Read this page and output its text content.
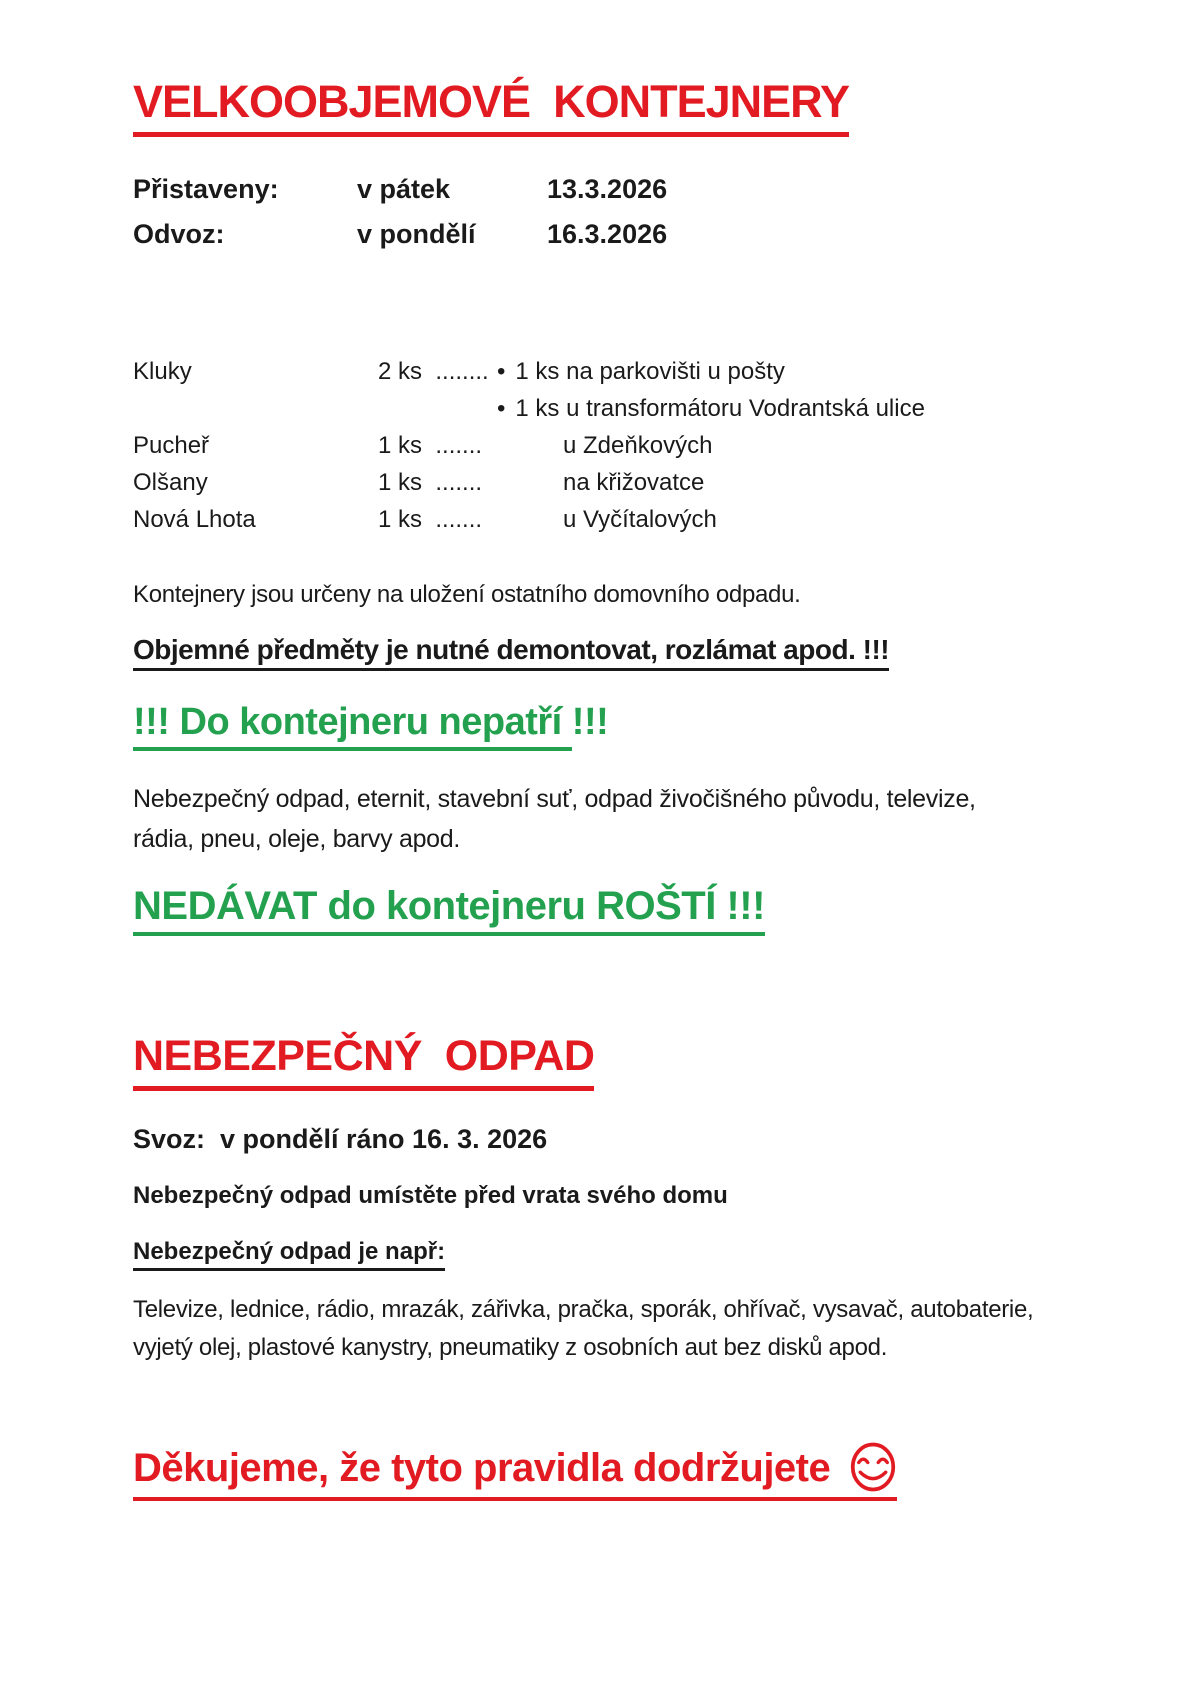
VELKOOBJEMOVÉ  KONTEJNERY
Přistaveny:	v pátek	13.3.2026
Odvoz:	v pondělí	16.3.2026
Kluky	2 ks  ........ • 1 ks na parkovišti u pošty
• 1 ks u transformátoru Vodrantská ulice
Pucheř	1 ks  .......	u Zdeňkových
Olšany	1 ks  .......	na křižovatce
Nová Lhota	1 ks  .......	u Vyčítalových

Kontejnery jsou určeny na uložení ostatního domovního odpadu.

Objemné předměty je nutné demontovat, rozlámat apod. !!!

!!! Do kontejneru nepatří !!!

Nebezpečný odpad, eternit, stavební suť, odpad živočišného původu, televize, rádia, pneu, oleje, barvy apod.

NEDÁVAT do kontejneru ROŠTÍ !!!
NEBEZPEČNÝ  ODPAD

Svoz:  v pondělí ráno 16. 3. 2026

Nebezpečný odpad umístěte před vrata svého domu

Nebezpečný odpad je např:

Televize, lednice, rádio, mrazák, zářivka, pračka, sporák, ohřívač, vysavač, autobaterie, vyjetý olej, plastové kanystry, pneumatiky z osobních aut bez disků apod.

Děkujeme, že tyto pravidla dodržujete
